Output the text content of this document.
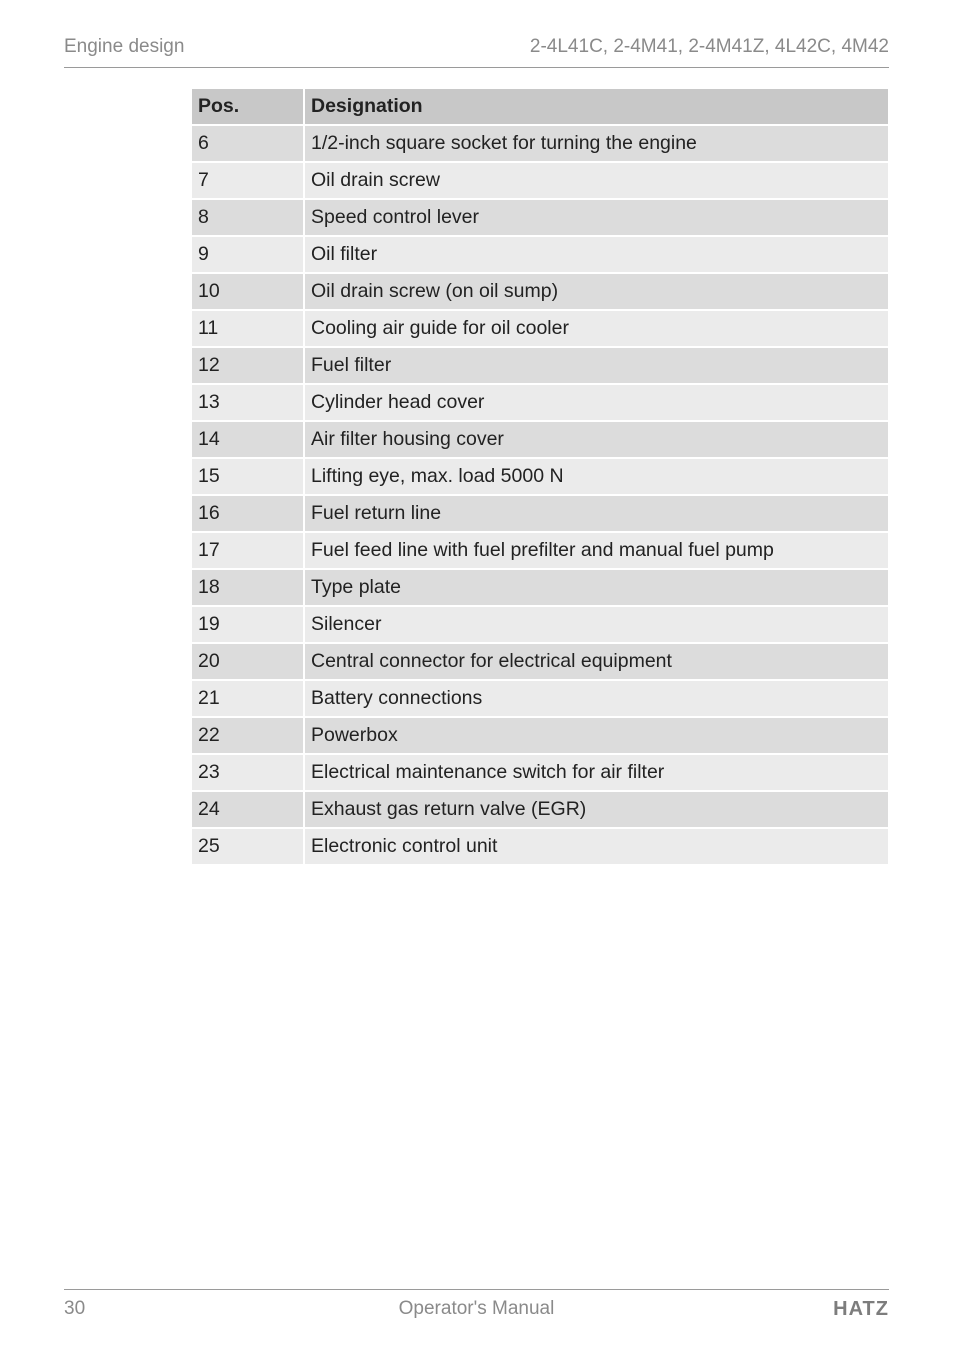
Engine design	2-4L41C, 2-4M41, 2-4M41Z, 4L42C, 4M42
Pos.	Designation
6	1/2-inch square socket for turning the engine
7	Oil drain screw
8	Speed control lever
9	Oil filter
10	Oil drain screw (on oil sump)
11	Cooling air guide for oil cooler
12	Fuel filter
13	Cylinder head cover
14	Air filter housing cover
15	Lifting eye, max. load 5000 N
16	Fuel return line
17	Fuel feed line with fuel prefilter and manual fuel pump
18	Type plate
19	Silencer
20	Central connector for electrical equipment
21	Battery connections
22	Powerbox
23	Electrical maintenance switch for air filter
24	Exhaust gas return valve (EGR)
25	Electronic control unit
30	Operator's Manual	HATZ
